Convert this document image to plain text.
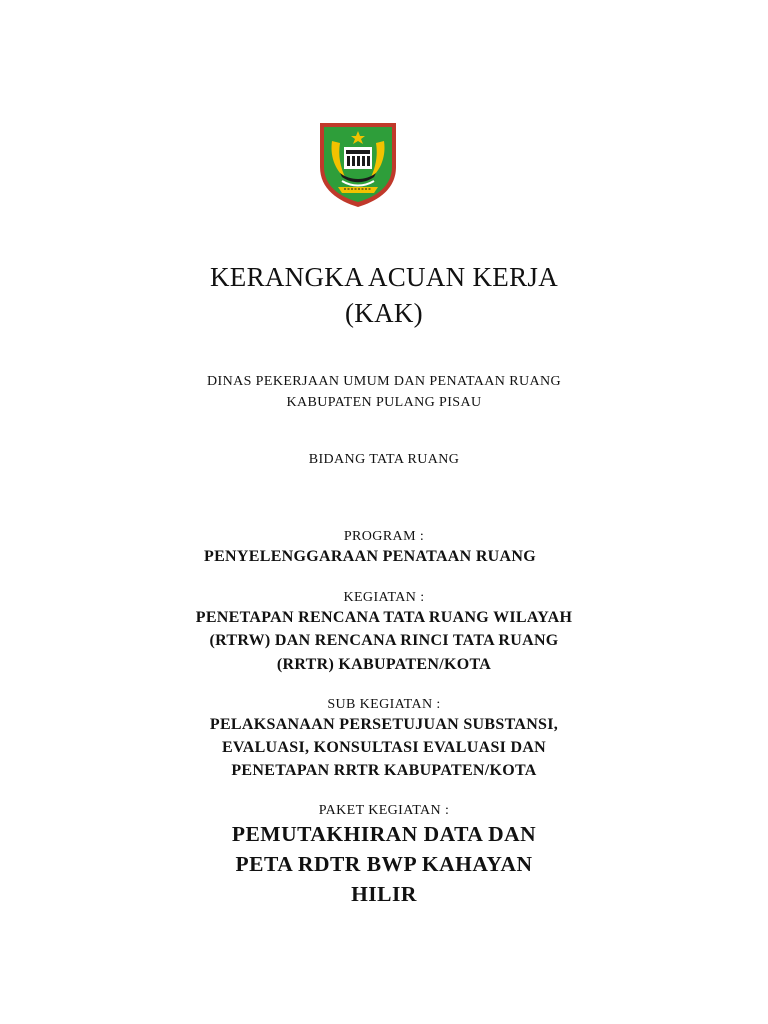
KERANGKA ACUAN KERJA
(KAK)
DINAS PEKERJAAN UMUM DAN PENATAAN RUANG
KABUPATEN PULANG PISAU
BIDANG TATA RUANG
PROGRAM :
PENYELENGGARAAN PENATAAN RUANG
KEGIATAN :
PENETAPAN RENCANA TATA RUANG WILAYAH
(RTRW) DAN RENCANA RINCI TATA RUANG
(RRTR) KABUPATEN/KOTA
SUB KEGIATAN :
PELAKSANAAN PERSETUJUAN SUBSTANSI,
EVALUASI, KONSULTASI EVALUASI DAN
PENETAPAN RRTR KABUPATEN/KOTA
PAKET KEGIATAN :
PEMUTAKHIRAN DATA DAN
PETA RDTR BWP KAHAYAN
HILIR
